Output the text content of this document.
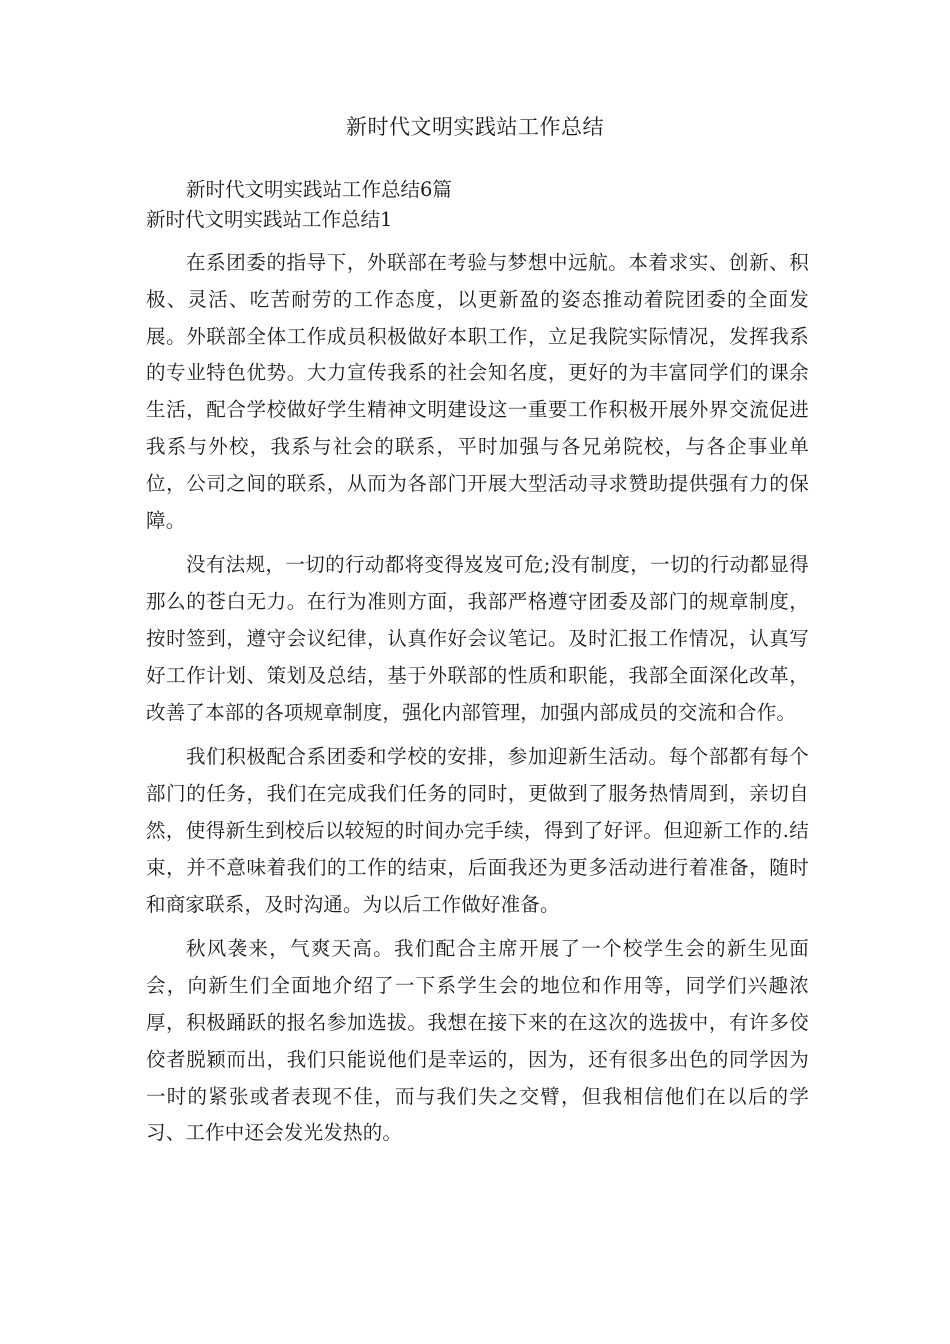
新时代文明实践站工作总结

新时代文明实践站工作总结6篇

新时代文明实践站工作总结1

在系团委的指导下，外联部在考验与梦想中远航。本着求实、创新、积极、灵活、吃苦耐劳的工作态度，以更新盈的姿态推动着院团委的全面发展。外联部全体工作成员积极做好本职工作，立足我院实际情况，发挥我系的专业特色优势。大力宣传我系的社会知名度，更好的为丰富同学们的课余生活，配合学校做好学生精神文明建设这一重要工作积极开展外界交流促进我系与外校，我系与社会的联系，平时加强与各兄弟院校，与各企事业单位，公司之间的联系，从而为各部门开展大型活动寻求赞助提供强有力的保障。

没有法规，一切的行动都将变得岌岌可危;没有制度，一切的行动都显得那么的苍白无力。在行为准则方面，我部严格遵守团委及部门的规章制度，按时签到，遵守会议纪律，认真作好会议笔记。及时汇报工作情况，认真写好工作计划、策划及总结，基于外联部的性质和职能，我部全面深化改革，改善了本部的各项规章制度，强化内部管理，加强内部成员的交流和合作。

我们积极配合系团委和学校的安排，参加迎新生活动。每个部都有每个部门的任务，我们在完成我们任务的同时，更做到了服务热情周到，亲切自然，使得新生到校后以较短的时间办完手续，得到了好评。但迎新工作的.结束，并不意味着我们的工作的结束，后面我还为更多活动进行着准备，随时和商家联系，及时沟通。为以后工作做好准备。

秋风袭来，气爽天高。我们配合主席开展了一个校学生会的新生见面会，向新生们全面地介绍了一下系学生会的地位和作用等，同学们兴趣浓厚，积极踊跃的报名参加选拔。我想在接下来的在这次的选拔中，有许多佼佼者脱颖而出，我们只能说他们是幸运的，因为，还有很多出色的同学因为一时的紧张或者表现不佳，而与我们失之交臂，但我相信他们在以后的学习、工作中还会发光发热的。
